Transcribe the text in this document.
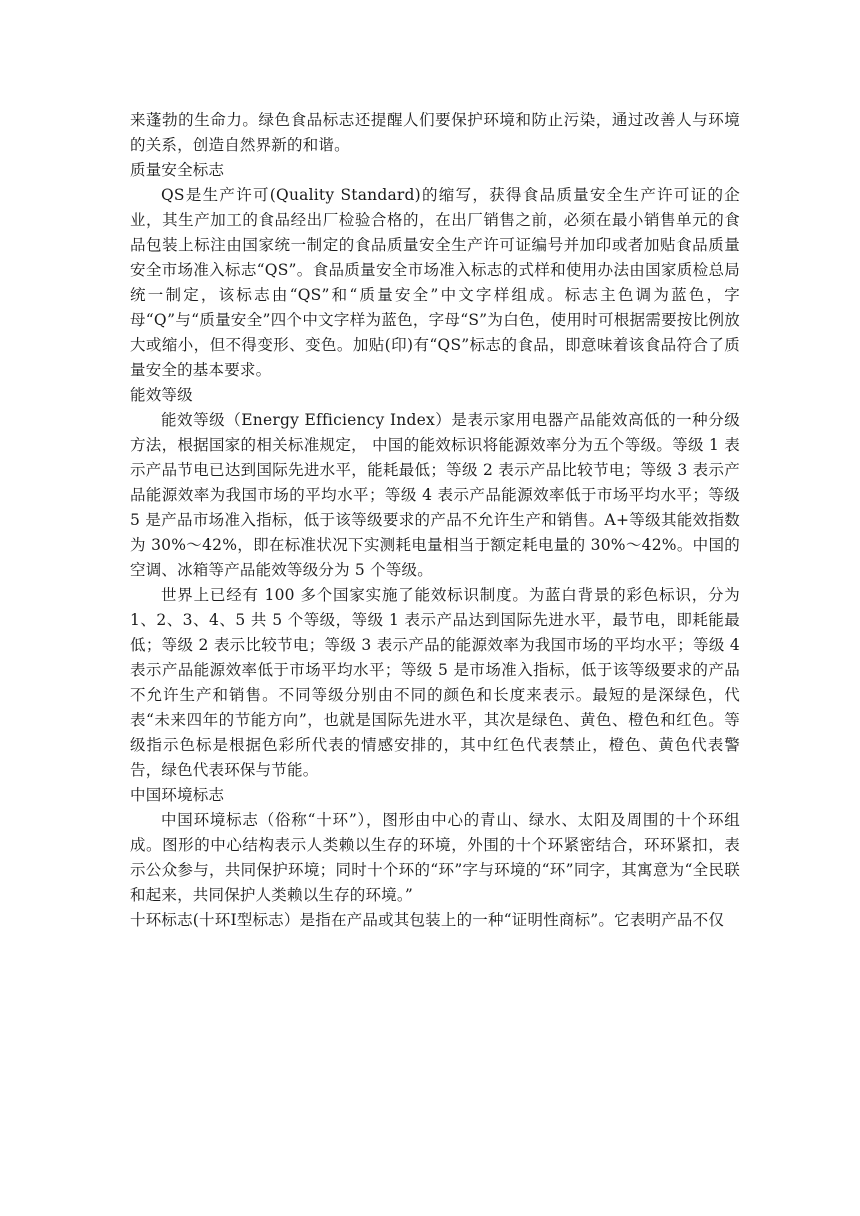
来蓬勃的生命力。绿色食品标志还提醒人们要保护环境和防止污染，通过改善人与环境的关系，创造自然界新的和谐。

质量安全标志

QS是生产许可(Quality Standard)的缩写，获得食品质量安全生产许可证的企业，其生产加工的食品经出厂检验合格的，在出厂销售之前，必须在最小销售单元的食品包装上标注由国家统一制定的食品质量安全生产许可证编号并加印或者加贴食品质量安全市场准入标志“QS”。食品质量安全市场准入标志的式样和使用办法由国家质检总局统一制定，该标志由“QS”和“质量安全”中文字样组成。标志主色调为蓝色，字母“Q”与“质量安全”四个中文字样为蓝色，字母“S”为白色，使用时可根据需要按比例放大或缩小，但不得变形、变色。加贴(印)有“QS”标志的食品，即意味着该食品符合了质量安全的基本要求。

能效等级

能效等级（Energy Efficiency Index）是表示家用电器产品能效高低的一种分级方法，根据国家的相关标准规定， 中国的能效标识将能源效率分为五个等级。等级 1 表示产品节电已达到国际先进水平，能耗最低；等级 2 表示产品比较节电；等级 3 表示产品能源效率为我国市场的平均水平；等级 4 表示产品能源效率低于市场平均水平；等级 5 是产品市场准入指标，低于该等级要求的产品不允许生产和销售。A+等级其能效指数为 30%～42%，即在标准状况下实测耗电量相当于额定耗电量的 30%～42%。中国的空调、冰箱等产品能效等级分为 5 个等级。

世界上已经有 100 多个国家实施了能效标识制度。为蓝白背景的彩色标识，分为 1、2、3、4、5 共 5 个等级，等级 1 表示产品达到国际先进水平，最节电，即耗能最低；等级 2 表示比较节电；等级 3 表示产品的能源效率为我国市场的平均水平；等级 4 表示产品能源效率低于市场平均水平；等级 5 是市场准入指标，低于该等级要求的产品不允许生产和销售。不同等级分别由不同的颜色和长度来表示。最短的是深绿色，代表“未来四年的节能方向”，也就是国际先进水平，其次是绿色、黄色、橙色和红色。等级指示色标是根据色彩所代表的情感安排的，其中红色代表禁止，橙色、黄色代表警告，绿色代表环保与节能。

中国环境标志

中国环境标志（俗称“十环”），图形由中心的青山、绿水、太阳及周围的十个环组成。图形的中心结构表示人类赖以生存的环境，外围的十个环紧密结合，环环紧扣，表示公众参与，共同保护环境；同时十个环的“环”字与环境的“环”同字，其寓意为“全民联和起来，共同保护人类赖以生存的环境。”

十环标志(十环Ⅰ型标志）是指在产品或其包装上的一种“证明性商标”。它表明产品不仅
